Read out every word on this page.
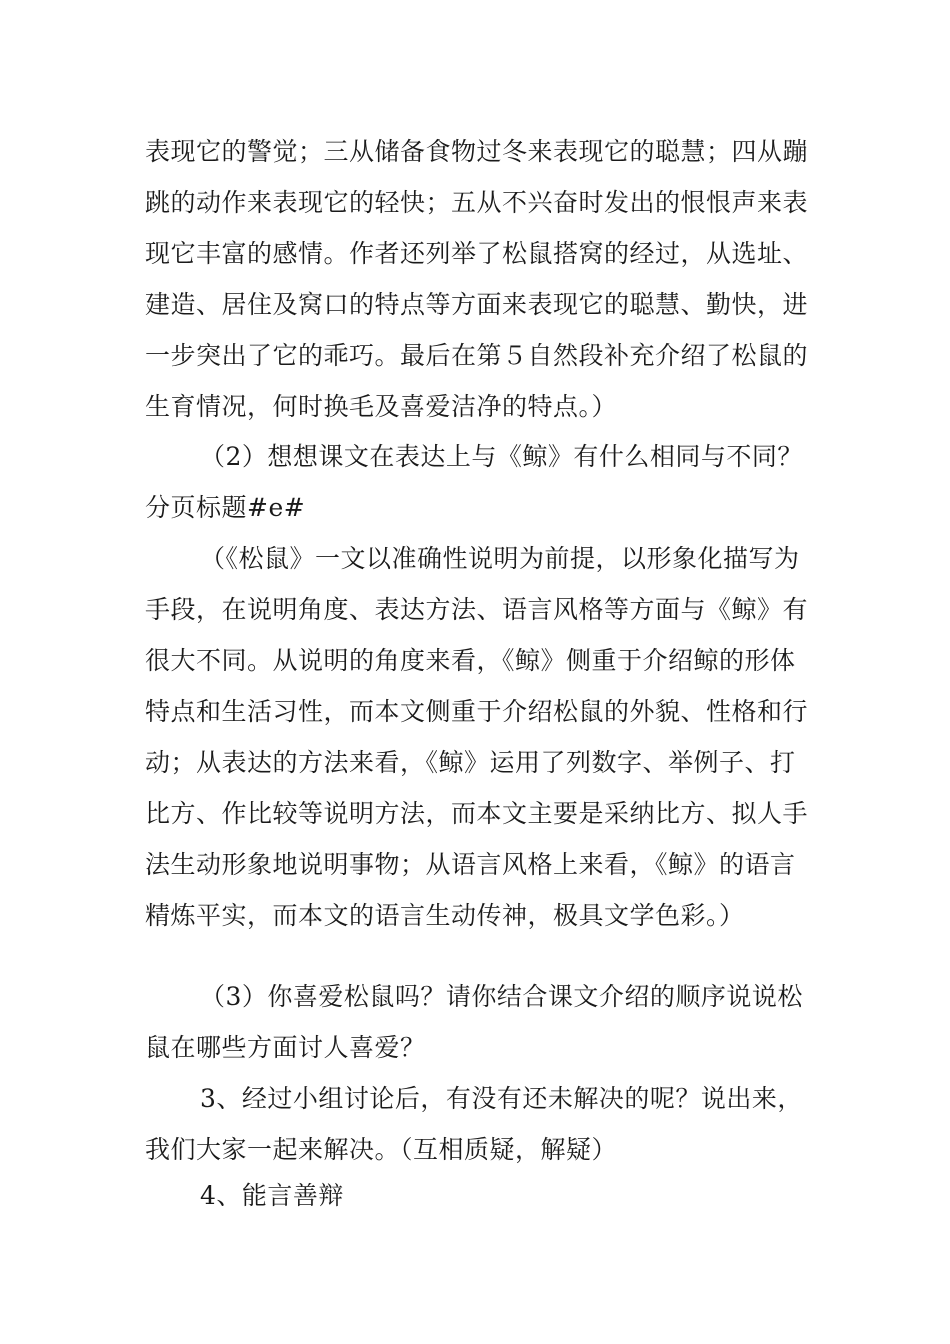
表现它的警觉；三从储备食物过冬来表现它的聪慧；四从蹦跳的动作来表现它的轻快；五从不兴奋时发出的恨恨声来表现它丰富的感情。作者还列举了松鼠搭窝的经过，从选址、建造、居住及窝口的特点等方面来表现它的聪慧、勤快，进一步突出了它的乖巧。最后在第５自然段补充介绍了松鼠的生育情况，何时换毛及喜爱洁净的特点。）

（2）想想课文在表达上与《鲸》有什么相同与不同？分页标题#e#

（《松鼠》一文以准确性说明为前提，以形象化描写为手段，在说明角度、表达方法、语言风格等方面与《鲸》有很大不同。从说明的角度来看，《鲸》侧重于介绍鲸的形体特点和生活习性，而本文侧重于介绍松鼠的外貌、性格和行动；从表达的方法来看，《鲸》运用了列数字、举例子、打比方、作比较等说明方法，而本文主要是采纳比方、拟人手法生动形象地说明事物；从语言风格上来看，《鲸》的语言精炼平实，而本文的语言生动传神，极具文学色彩。）

（3）你喜爱松鼠吗？请你结合课文介绍的顺序说说松鼠在哪些方面讨人喜爱？

3、经过小组讨论后，有没有还未解决的呢？说出来，我们大家一起来解决。（互相质疑，解疑）

4、能言善辩
